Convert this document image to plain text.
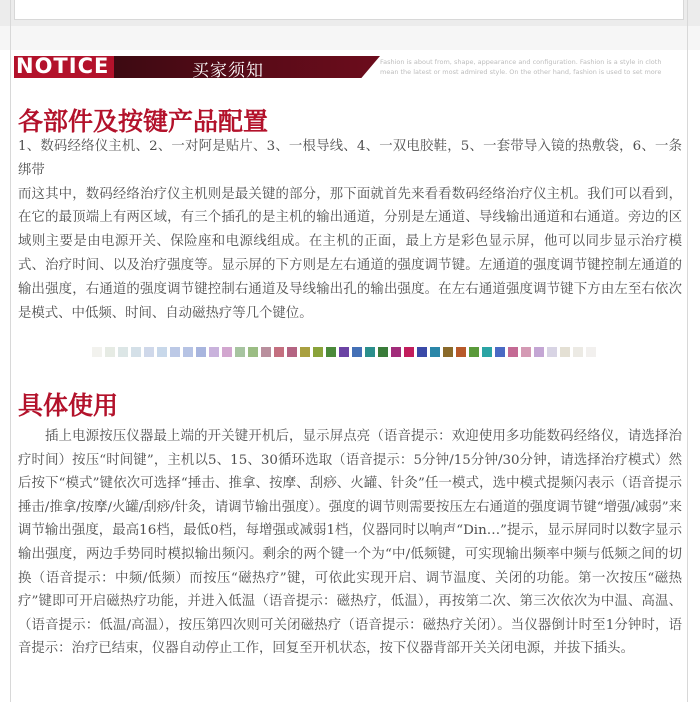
NOTICE	买家须知	Fashion is about from, shape, appearance and configuration. Fashion is a style in cloth
mean the latest or most admired style. On the other hand, fashion is used to set more
各部件及按键产品配置
1、数码经络仪主机、2、一对阿是贴片、3、一根导线、4、一双电胶鞋，5、一套带导入镜的热敷袋，6、一条绑带
而这其中，数码经络治疗仪主机则是最关键的部分，那下面就首先来看看数码经络治疗仪主机。我们可以看到，在它的最顶端上有两区域，有三个插孔的是主机的输出通道，分别是左通道、导线输出通道和右通道。旁边的区域则主要是由电源开关、保险座和电源线组成。在主机的正面，最上方是彩色显示屏，他可以同步显示治疗模式、治疗时间、以及治疗强度等。显示屏的下方则是左右通道的强度调节键。左通道的强度调节键控制左通道的输出强度，右通道的强度调节键控制右通道及导线输出孔的输出强度。在左右通道强度调节键下方由左至右依次是模式、中低频、时间、自动磁热疗等几个键位。
具体使用
插上电源按压仪器最上端的开关键开机后，显示屏点亮（语音提示：欢迎使用多功能数码经络仪，请选择治疗时间）按压“时间键”，主机以5、15、30循环选取（语音提示：5分钟/15分钟/30分钟，请选择治疗模式）然后按下“模式”键依次可选择“捶击、推拿、按摩、刮痧、火罐、针灸”任一模式，选中模式提频闪表示（语音提示捶击/推拿/按摩/火罐/刮痧/针灸，请调节输出强度）。强度的调节则需要按压左右通道的强度调节键“增强/减弱”来调节输出强度，最高16档，最低0档，每增强或减弱1档，仪器同时以响声“Din…”提示，显示屏同时以数字显示输出强度，两边手势同时模拟输出频闪。剩余的两个键一个为“中/低频键，可实现输出频率中频与低频之间的切换（语音提示：中频/低频）而按压“磁热疗”键，可依此实现开启、调节温度、关闭的功能。第一次按压“磁热疗”键即可开启磁热疗功能，并进入低温（语音提示：磁热疗，低温），再按第二次、第三次依次为中温、高温、（语音提示：低温/高温），按压第四次则可关闭磁热疗（语音提示：磁热疗关闭）。当仪器倒计时至1分钟时，语音提示：治疗已结束，仪器自动停止工作，回复至开机状态，按下仪器背部开关关闭电源，并拔下插头。
